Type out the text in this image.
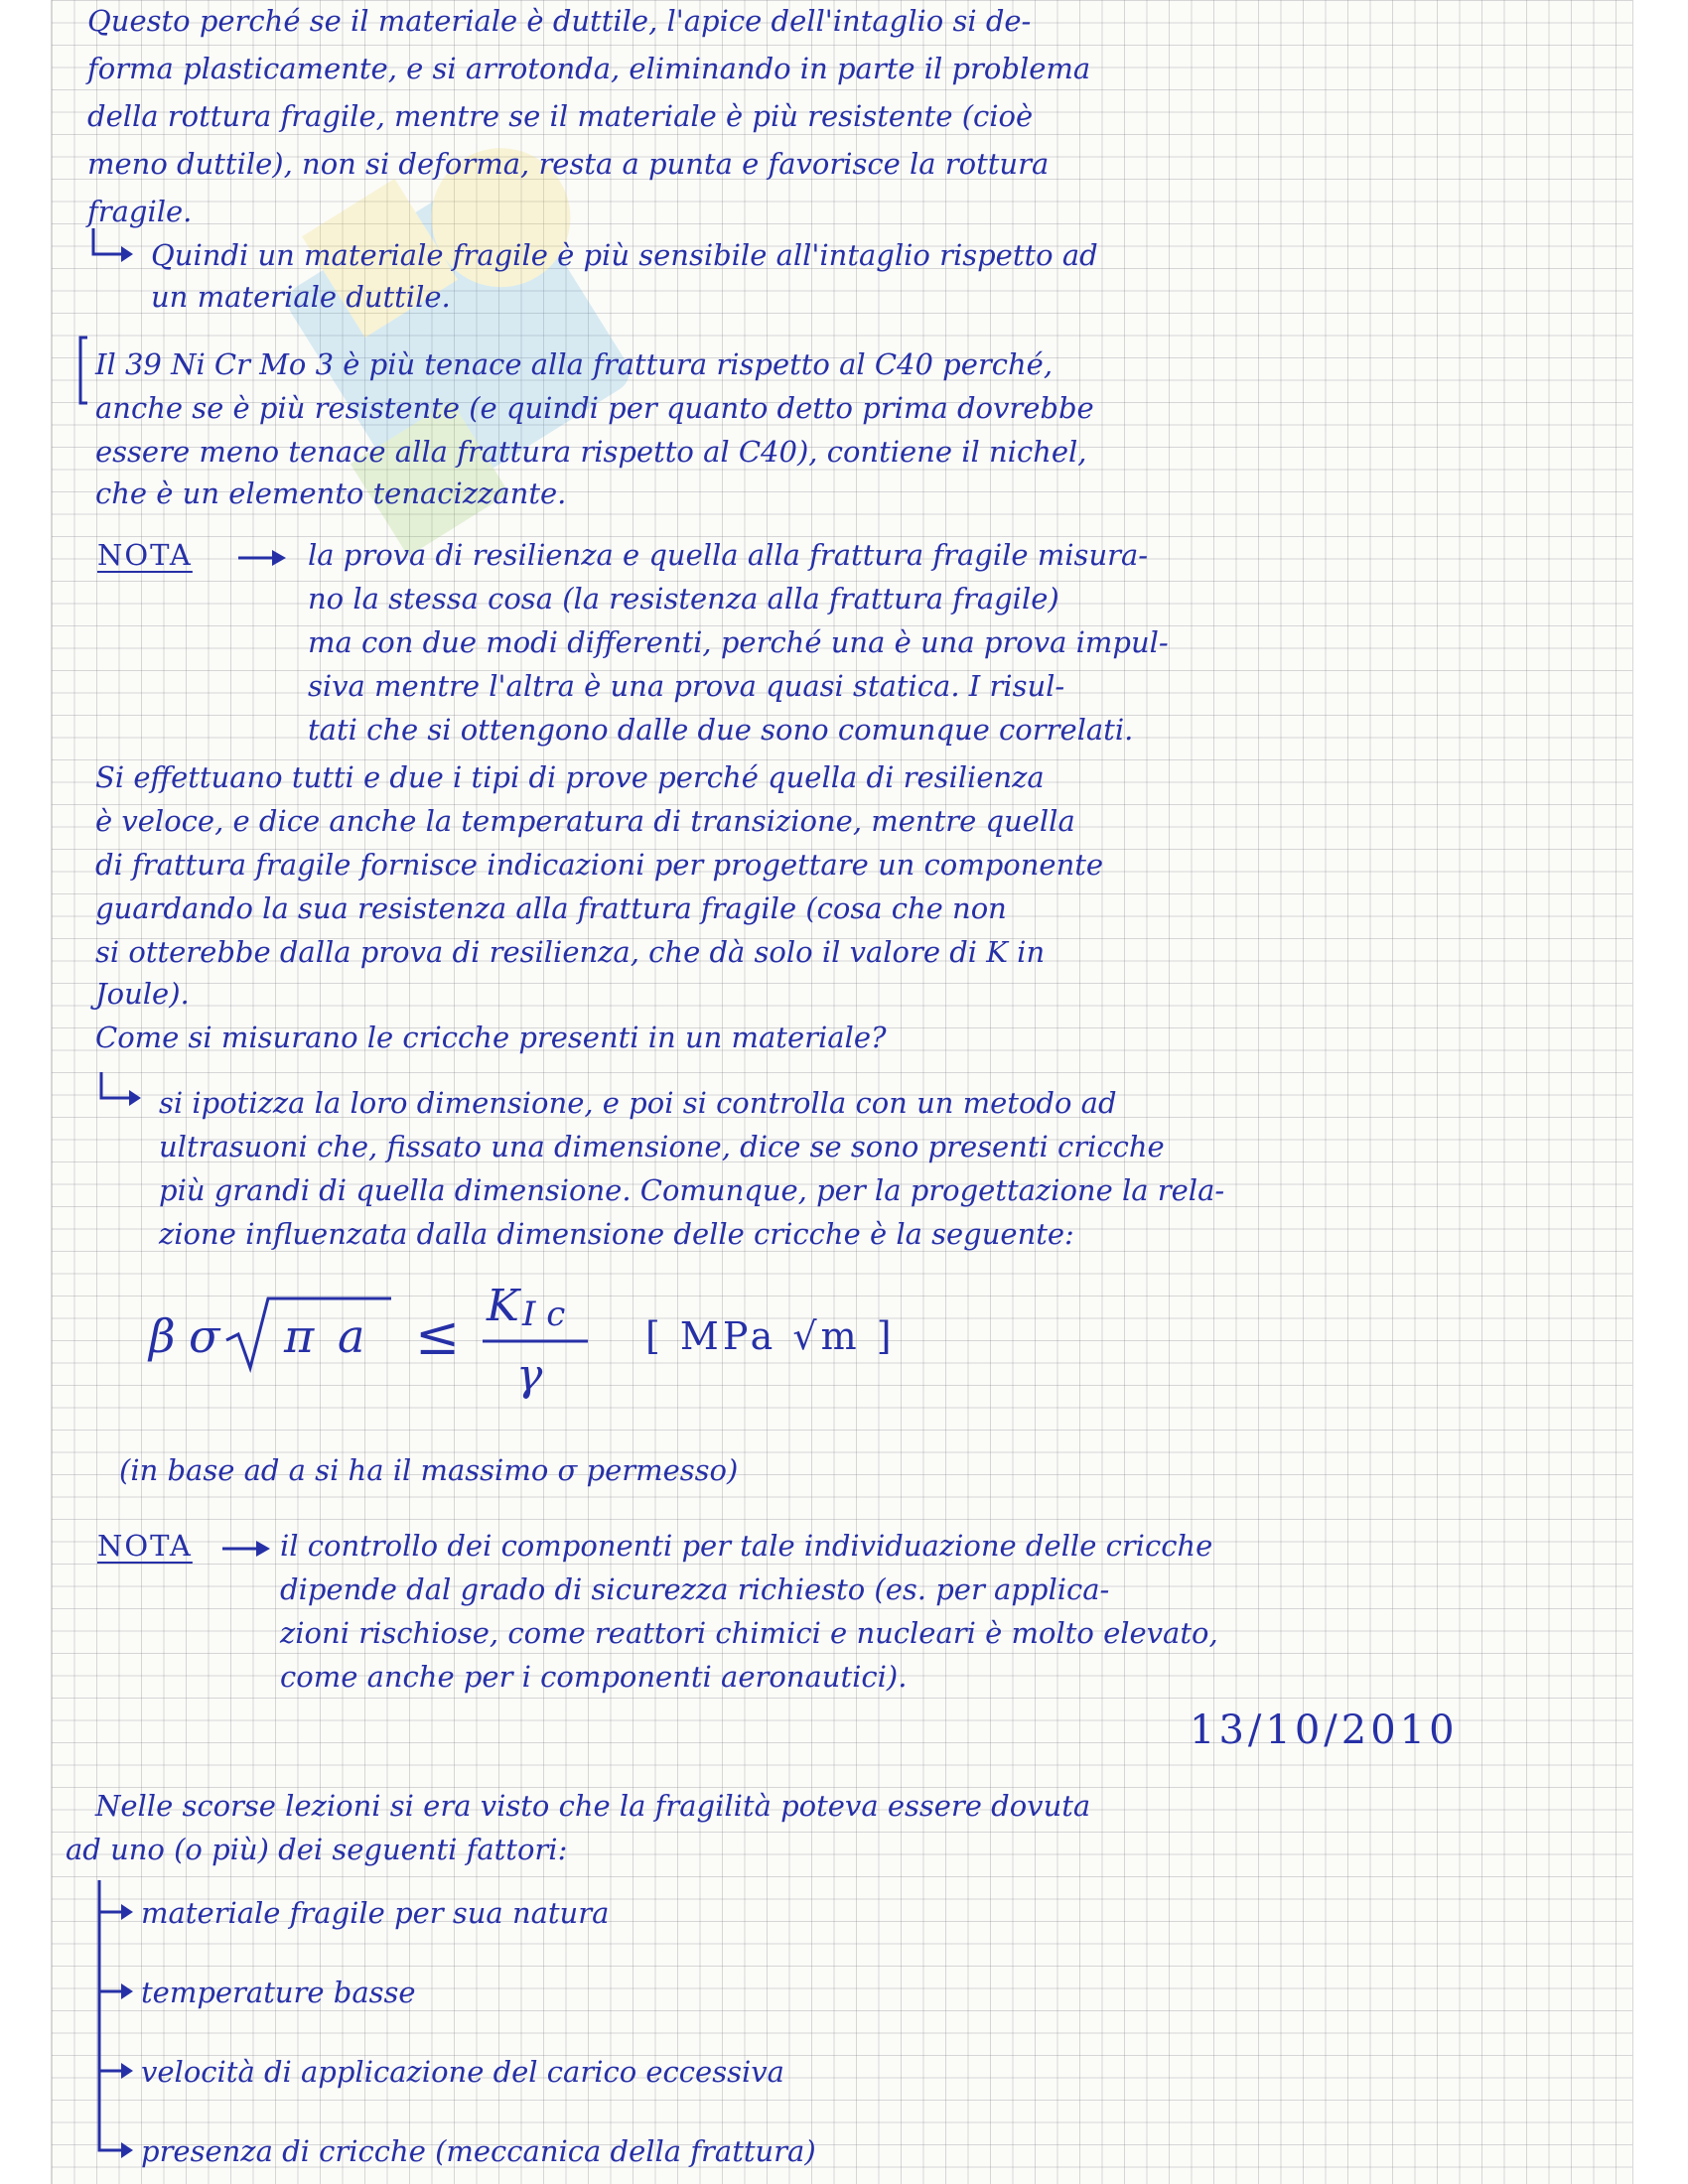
Questo perché se il materiale è duttile, l'apice dell'intaglio si de-
forma plasticamente, e si arrotonda, eliminando in parte il problema
della rottura fragile, mentre se il materiale è più resistente (cioè
meno duttile), non si deforma, resta a punta e favorisce la rottura
fragile.
Quindi un materiale fragile è più sensibile all'intaglio rispetto ad
un materiale duttile.
Il 39 Ni Cr Mo 3 è più tenace alla frattura rispetto al C40 perché,
anche se è più resistente (e quindi per quanto detto prima dovrebbe
essere meno tenace alla frattura rispetto al C40), contiene il nichel,
che è un elemento tenacizzante.
NOTA	la prova di resilienza e quella alla frattura fragile misura-
no la stessa cosa (la resistenza alla frattura fragile)
ma con due modi differenti, perché una è una prova impul-
siva mentre l'altra è una prova quasi statica. I risul-
tati che si ottengono dalle due sono comunque correlati.
Si effettuano tutti e due i tipi di prove perché quella di resilienza
è veloce, e dice anche la temperatura di transizione, mentre quella
di frattura fragile fornisce indicazioni per progettare un componente
guardando la sua resistenza alla frattura fragile (cosa che non
si otterebbe dalla prova di resilienza, che dà solo il valore di K in
Joule).
Come si misurano le cricche presenti in un materiale?
si ipotizza la loro dimensione, e poi si controlla con un metodo ad
ultrasuoni che, fissato una dimensione, dice se sono presenti cricche
più grandi di quella dimensione. Comunque, per la progettazione la rela-
zione influenzata dalla dimensione delle cricche è la seguente:
β σ π a ≤ K I c
γ
[ MPa √m ]
(in base ad a si ha il massimo σ permesso)
NOTA	il controllo dei componenti per tale individuazione delle cricche
dipende dal grado di sicurezza richiesto (es. per applica-
zioni rischiose, come reattori chimici e nucleari è molto elevato,
come anche per i componenti aeronautici).
13/10/2010
Nelle scorse lezioni si era visto che la fragilità poteva essere dovuta
ad uno (o più) dei seguenti fattori:
materiale fragile per sua natura
temperature basse
velocità di applicazione del carico eccessiva
presenza di cricche (meccanica della frattura)
